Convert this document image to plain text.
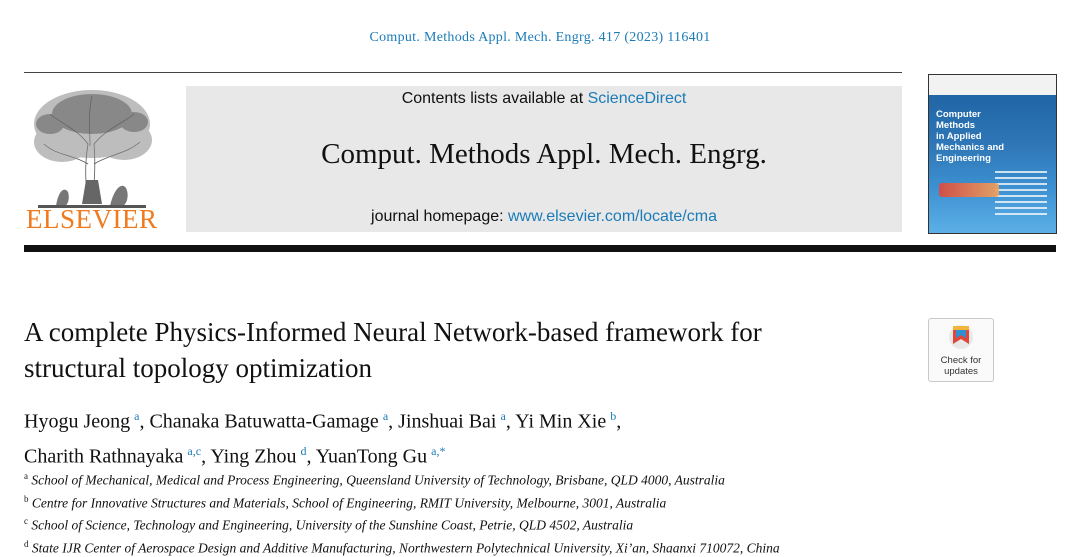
Comput. Methods Appl. Mech. Engrg. 417 (2023) 116401
ELSEVIER
Contents lists available at ScienceDirect
Comput. Methods Appl. Mech. Engrg.
journal homepage: www.elsevier.com/locate/cma
Computer
Methods
in Applied
Mechanics and
Engineering
A complete Physics-Informed Neural Network-based framework for
structural topology optimization	Check for
updates
Hyogu Jeong  $^a$, Chanaka Batuwatta-Gamage  $^a$, Jinshuai Bai  $^a$, Yi Min Xie  $^b$,
Charith Rathnayaka  $^{a,c}$, Ying Zhou  $^d$, YuanTong Gu  $^{a,*}$
$^a$ School of Mechanical, Medical and Process Engineering, Queensland University of Technology, Brisbane, QLD 4000, Australia
$^b$ Centre for Innovative Structures and Materials, School of Engineering, RMIT University, Melbourne, 3001, Australia
$^c$ School of Science, Technology and Engineering, University of the Sunshine Coast, Petrie, QLD 4502, Australia
$^d$ State IJR Center of Aerospace Design and Additive Manufacturing, Northwestern Polytechnical University, Xi’an, Shaanxi 710072, China
